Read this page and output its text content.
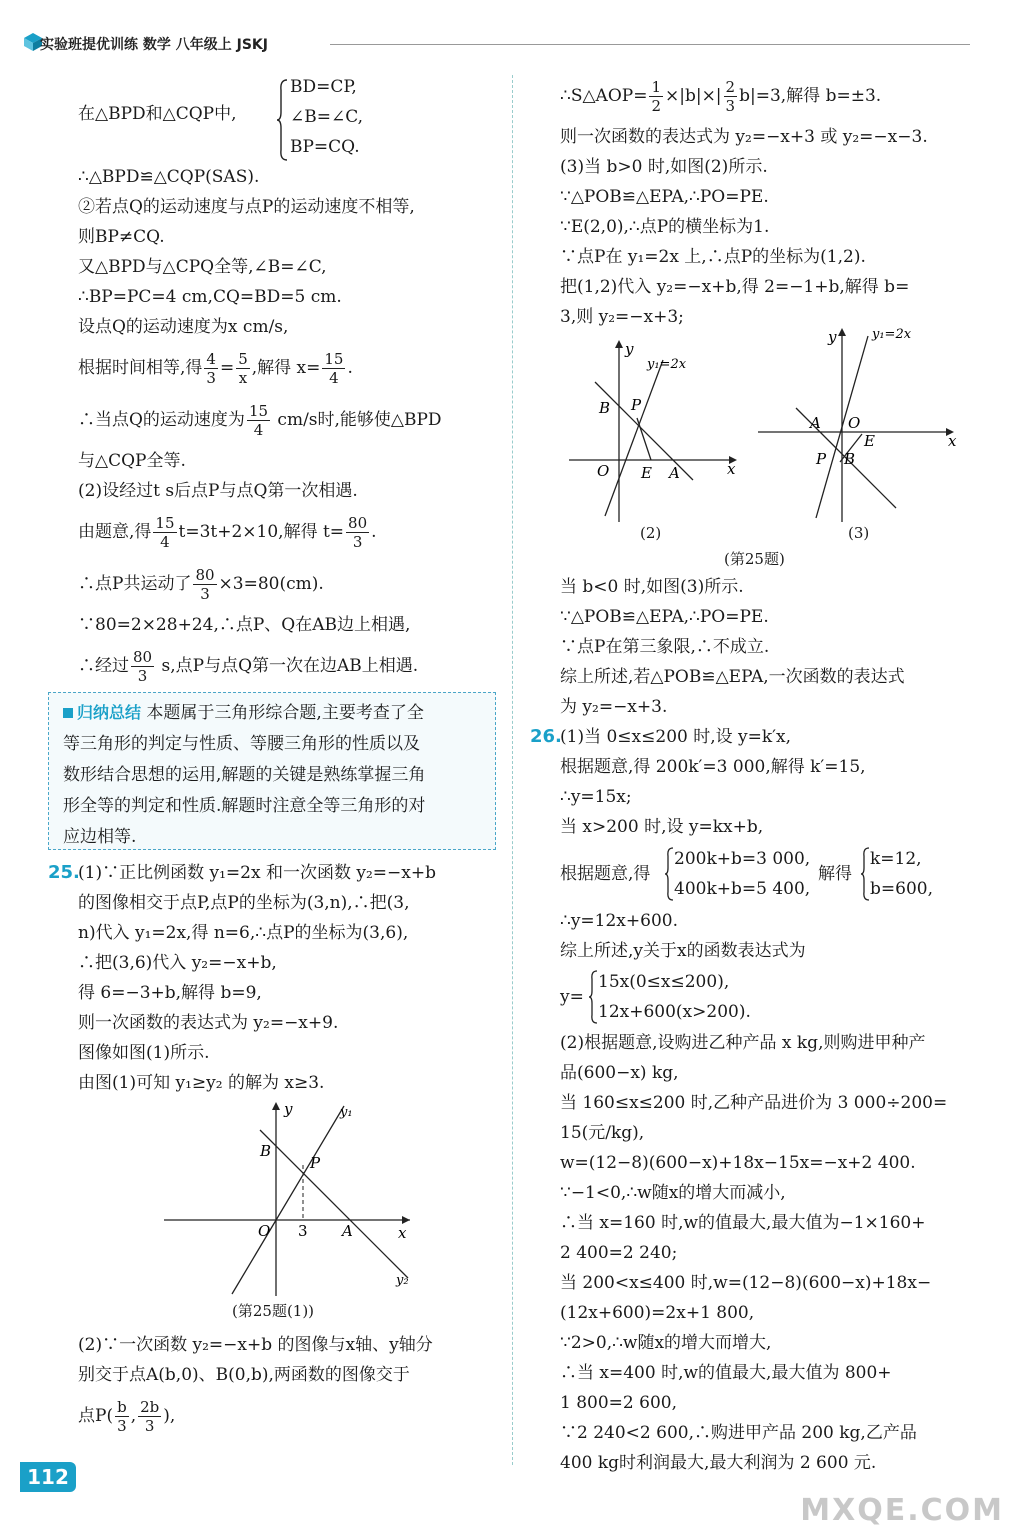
实验班提优训练 数学 八年级上 JSKJ
在△BPD和△CQP中,
BD=CP,
∠B=∠C,
BP=CQ.
∴△BPD≌△CQP(SAS).
②若点Q的运动速度与点P的运动速度不相等,
则BP≠CQ.
又△BPD与△CPQ全等,∠B=∠C,
∴BP=PC=4 cm,CQ=BD=5 cm.
设点Q的运动速度为x cm/s,
根据时间相等,得 $\frac{4}{3} = \frac{5}{x}$ ,解得 $x= \frac{15}{4}$ .
∴当点Q的运动速度为 $\frac{15}{4} cm/s$时,能够使△BPD
与△CQP全等.
(2)设经过t s后点P与点Q第一次相遇.
由题意,得 $\frac{15}{4} t=3t+2\times 10$,解得 $t= \frac{80}{3}$ .
∴点P共运动了 $\frac{80}{3} \times 3=80(cm)$.
∵80=2×28+24,∴点P、Q在AB边上相遇,
∴经过 $\frac{80}{3} s$,点P与点Q第一次在边AB上相遇.
归纳总结 本题属于三角形综合题,主要考查了全
等三角形的判定与性质、等腰三角形的性质以及
数形结合思想的运用,解题的关键是熟练掌握三角
形全等的判定和性质.解题时注意全等三角形的对
应边相等.
25.(1)∵正比例函数 y₁=2x 和一次函数 y₂=−x+b
的图像相交于点P,点P的坐标为(3,n),∴把(3,
n)代入 y₁=2x,得 n=6,∴点P的坐标为(3,6),
∴把(3,6)代入 y₂=−x+b,
得 6=−3+b,解得 b=9,
则一次函数的表达式为 y₂=−x+9.
图像如图(1)所示.
由图(1)可知 y₁≥y₂ 的解为 x≥3.
y
x
O 3 A
B
P
y₁
y₂
(第25题(1))
(2)∵一次函数 y₂=−x+b 的图像与x轴、y轴分
别交于点A(b,0)、B(0,b),两函数的图像交于
点$P( \frac{b}{3}$ , $\frac{2b}{3}$ ),
∴S△AOP= $\frac{1}{2} \times|b|\times| \frac{2}{3} b|=3$,解得 b=±3.
则一次函数的表达式为 y₂=−x+3 或 y₂=−x−3.
(3)当 b>0 时,如图(2)所示.
∵△POB≌△EPA,∴PO=PE.
∵E(2,0),∴点P的横坐标为1.
∵点P在 y₁=2x 上,∴点P的坐标为(1,2).
把(1,2)代入 y₂=−x+b,得 2=−1+b,解得 b=
3,则 y₂=−x+3;
y
y₁=2x
B P
O E A	x
(2)
y	y₁=2x
A O
E
P B
x
(3)
(第25题)
当 b<0 时,如图(3)所示.
∵△POB≌△EPA,∴PO=PE.
∵点P在第三象限,∴不成立.
综上所述,若△POB≌△EPA,一次函数的表达式
为 y₂=−x+3.
26.(1)当 0≤x≤200 时,设 y=k′x,
根据题意,得 200k′=3 000,解得 k′=15,
∴y=15x;
当 x>200 时,设 y=kx+b,
根据题意,得
200k+b=3 000,
400k+b=5 400,
解得
k=12,
b=600,
∴y=12x+600.
综上所述,y关于x的函数表达式为
y=
15x(0≤x≤200),
12x+600(x>200).
(2)根据题意,设购进乙种产品 x kg,则购进甲种产
品(600−x) kg,
当 160≤x≤200 时,乙种产品进价为 3 000÷200=
15(元/kg),
w=(12−8)(600−x)+18x−15x=−x+2 400.
∵−1<0,∴w随x的增大而减小,
∴当 x=160 时,w的值最大,最大值为−1×160+
2 400=2 240;
当 200<x≤400 时,w=(12−8)(600−x)+18x−
(12x+600)=2x+1 800,
∵2>0,∴w随x的增大而增大,
∴当 x=400 时,w的值最大,最大值为 800+
1 800=2 600,
∵2 240<2 600,∴购进甲产品 200 kg,乙产品
400 kg时利润最大,最大利润为 2 600 元.
112
MXQE.COM
